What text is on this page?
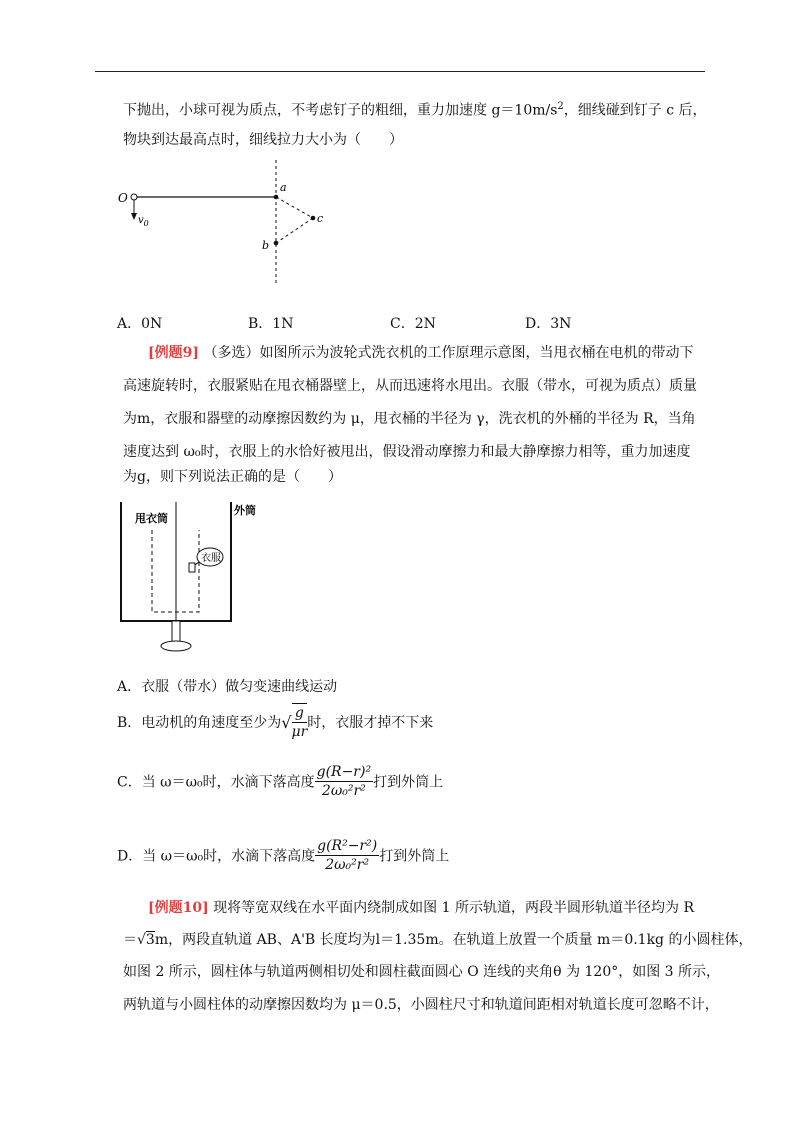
下抛出，小球可视为质点，不考虑钉子的粗细，重力加速度 $g=10m/s^2$，细线碰到钉子 c 后，
物块到达最高点时，细线拉力大小为（　　）
O
$v_0$
a
c
b
A．0N	B．1N	C．2N	D．3N
[例题9] （多选）如图所示为波轮式洗衣机的工作原理示意图，当甩衣桶在电机的带动下
高速旋转时，衣服紧贴在甩衣桶器壁上，从而迅速将水甩出。衣服（带水，可视为质点）质量
为m，衣服和器壁的动摩擦因数约为 μ，甩衣桶的半径为 γ，洗衣机的外桶的半径为 R，当角
速度达到 ω₀时，衣服上的水恰好被甩出，假设滑动摩擦力和最大静摩擦力相等，重力加速度
为g，则下列说法正确的是（　　）
衣服
甩衣筒
外筒
A．衣服（带水）做匀变速曲线运动
B．电动机的角速度至少为√ $\frac{g}{\mu r}$ 时，衣服才掉不下来
C．当 ω＝ω₀时，水滴下落高度 $\frac{\text{g(R−r)²}}{\text{2ω₀²r²}}$ 打到外筒上
D．当 ω＝ω₀时，水滴下落高度 $\frac{\text{g(R²−r²)}}{\text{2ω₀²r²}}$ 打到外筒上
[例题10] 现将等宽双线在水平面内绕制成如图 1 所示轨道，两段半圆形轨道半径均为 R
＝√3m，两段直轨道 AB、A'B 长度均为l＝1.35m。在轨道上放置一个质量 m＝0.1kg 的小圆柱体，
如图 2 所示，圆柱体与轨道两侧相切处和圆柱截面圆心 O 连线的夹角θ 为 120°，如图 3 所示，
两轨道与小圆柱体的动摩擦因数均为 μ＝0.5，小圆柱尺寸和轨道间距相对轨道长度可忽略不计，
